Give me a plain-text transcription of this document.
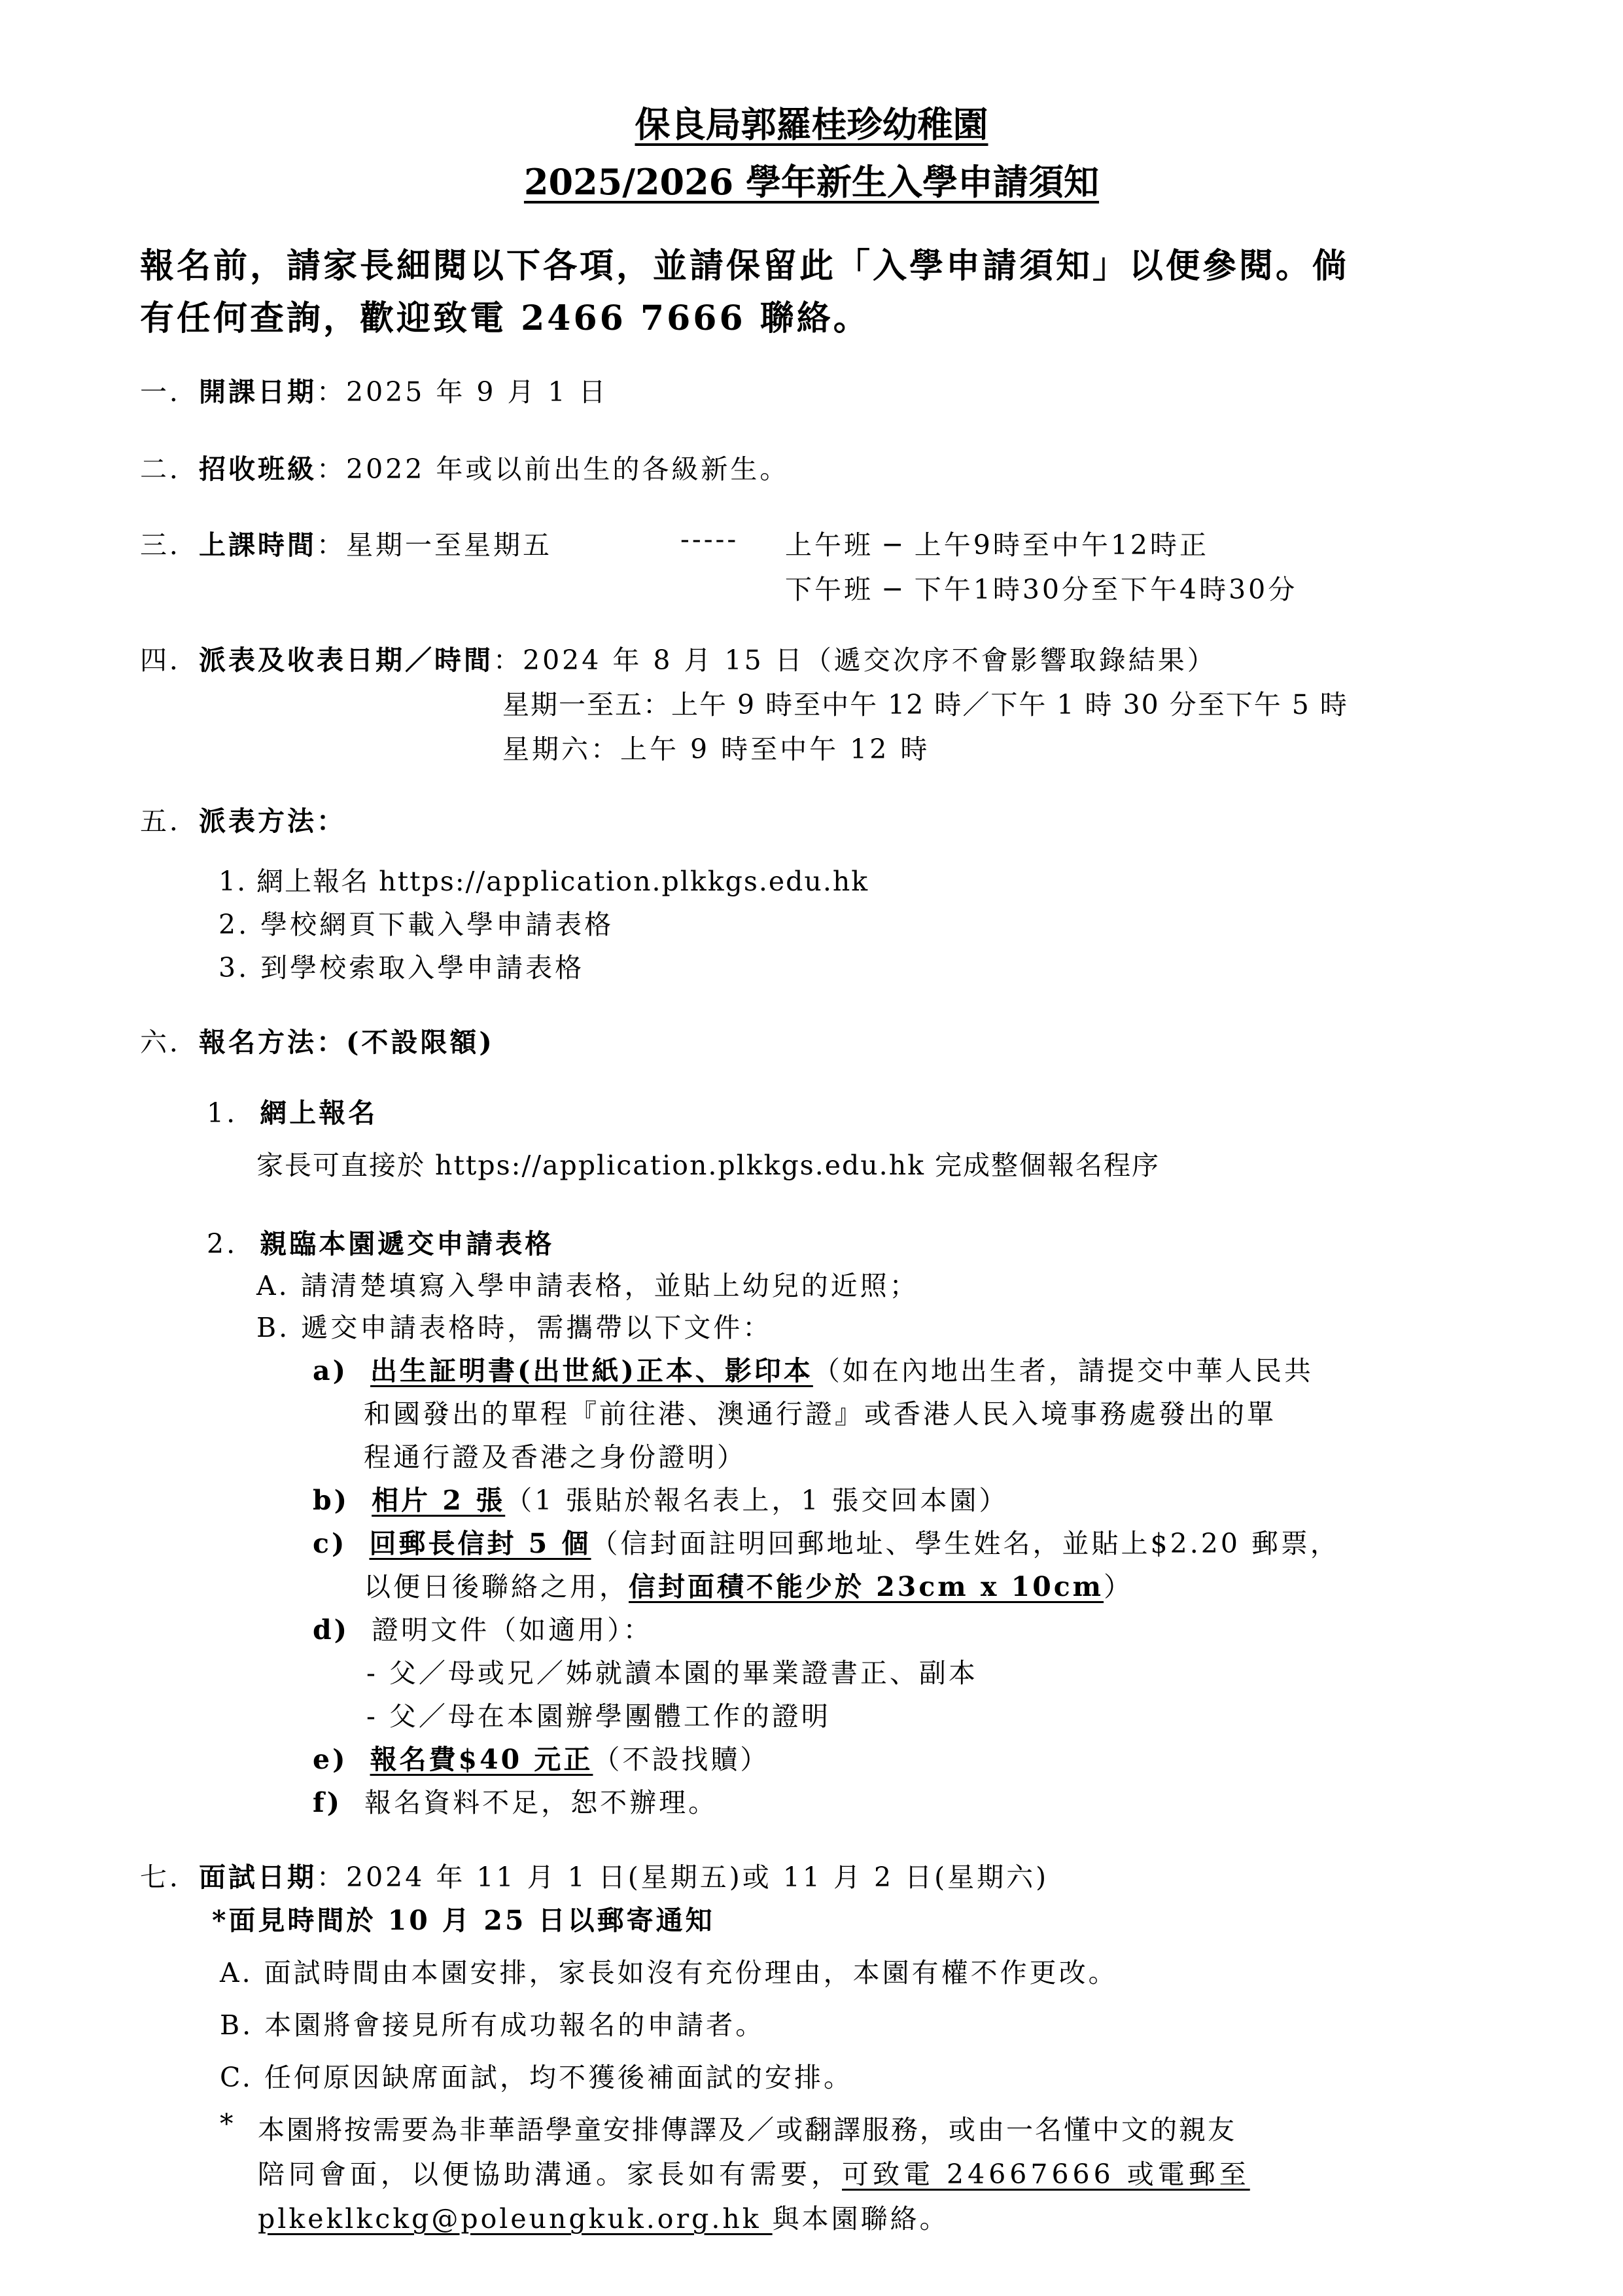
保良局郭羅桂珍幼稚園
2025/2026 學年新生入學申請須知
報名前，請家長細閱以下各項，並請保留此「入學申請須知」以便參閱。倘
有任何查詢，歡迎致電 2466 7666 聯絡。
一．開課日期：2025 年 9 月 1 日
二．招收班級：2022 年或以前出生的各級新生。
三．上課時間：星期一至星期五	----- 上午班 ─ 上午9時至中午12時正
下午班 ─ 下午1時30分至下午4時30分
四．派表及收表日期／時間：2024 年 8 月 15 日（遞交次序不會影響取錄結果）
星期一至五：上午 9 時至中午 12 時／下午 1 時 30 分至下午 5 時
星期六：上午 9 時至中午 12 時
五．派表方法：
1. 網上報名 https://application.plkkgs.edu.hk
2. 學校網頁下載入學申請表格
3. 到學校索取入學申請表格
六．報名方法：(不設限額)
1. 網上報名
家長可直接於 https://application.plkkgs.edu.hk 完成整個報名程序
2. 親臨本園遞交申請表格
A. 請清楚填寫入學申請表格，並貼上幼兒的近照；
B. 遞交申請表格時，需攜帶以下文件：
a) 出生証明書(出世紙)正本、影印本（如在內地出生者，請提交中華人民共
和國發出的單程『前往港、澳通行證』或香港人民入境事務處發出的單
程通行證及香港之身份證明）
b) 相片 2 張（1 張貼於報名表上，1 張交回本園）
c) 回郵長信封 5 個（信封面註明回郵地址、學生姓名，並貼上$2.20 郵票，
以便日後聯絡之用，信封面積不能少於 23cm x 10cm）
d) 證明文件（如適用）：
- 父／母或兄／姊就讀本園的畢業證書正、副本
- 父／母在本園辦學團體工作的證明
e) 報名費$40 元正（不設找贖）
f) 報名資料不足，恕不辦理。
七．面試日期：2024 年 11 月 1 日(星期五)或 11 月 2 日(星期六)
*面見時間於 10 月 25 日以郵寄通知
A. 面試時間由本園安排，家長如沒有充份理由，本園有權不作更改。
B. 本園將會接見所有成功報名的申請者。
C. 任何原因缺席面試，均不獲後補面試的安排。
* 本園將按需要為非華語學童安排傳譯及／或翻譯服務，或由一名懂中文的親友
陪同會面，以便協助溝通。家長如有需要，可致電 24667666 或電郵至
plkeklkckg@poleungkuk.org.hk 與本園聯絡。
